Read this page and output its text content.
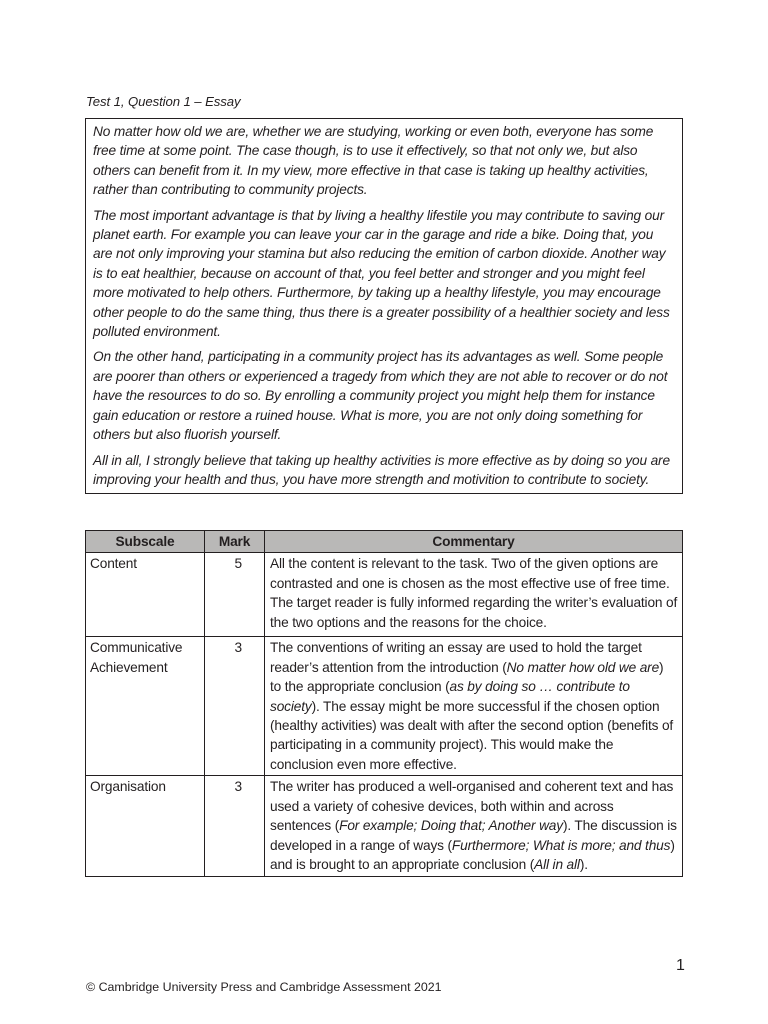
Test 1, Question 1 – Essay

No matter how old we are, whether we are studying, working or even both, everyone has some free time at some point. The case though, is to use it effectively, so that not only we, but also others can benefit from it. In my view, more effective in that case is taking up healthy activities, rather than contributing to community projects.

The most important advantage is that by living a healthy lifestile you may contribute to saving our planet earth. For example you can leave your car in the garage and ride a bike. Doing that, you are not only improving your stamina but also reducing the emition of carbon dioxide. Another way is to eat healthier, because on account of that, you feel better and stronger and you might feel more motivated to help others. Furthermore, by taking up a healthy lifestyle, you may encourage other people to do the same thing, thus there is a greater possibility of a healthier society and less polluted environment.

On the other hand, participating in a community project has its advantages as well. Some people are poorer than others or experienced a tragedy from which they are not able to recover or do not have the resources to do so. By enrolling a community project you might help them for instance gain education or restore a ruined house. What is more, you are not only doing something for others but also fluorish yourself.

All in all, I strongly believe that taking up healthy activities is more effective as by doing so you are improving your health and thus, you have more strength and motivition to contribute to society.

Subscale	Mark	Commentary
Content	5	All the content is relevant to the task. Two of the given options are contrasted and one is chosen as the most effective use of free time. The target reader is fully informed regarding the writer’s evaluation of the two options and the reasons for the choice.
Communicative Achievement	3	The conventions of writing an essay are used to hold the target reader’s attention from the introduction (No matter how old we are) to the appropriate conclusion (as by doing so … contribute to society). The essay might be more successful if the chosen option (healthy activities) was dealt with after the second option (benefits of participating in a community project). This would make the conclusion even more effective.
Organisation	3	The writer has produced a well-organised and coherent text and has used a variety of cohesive devices, both within and across sentences (For example; Doing that; Another way). The discussion is developed in a range of ways (Furthermore; What is more; and thus) and is brought to an appropriate conclusion (All in all).
1
© Cambridge University Press and Cambridge Assessment 2021
